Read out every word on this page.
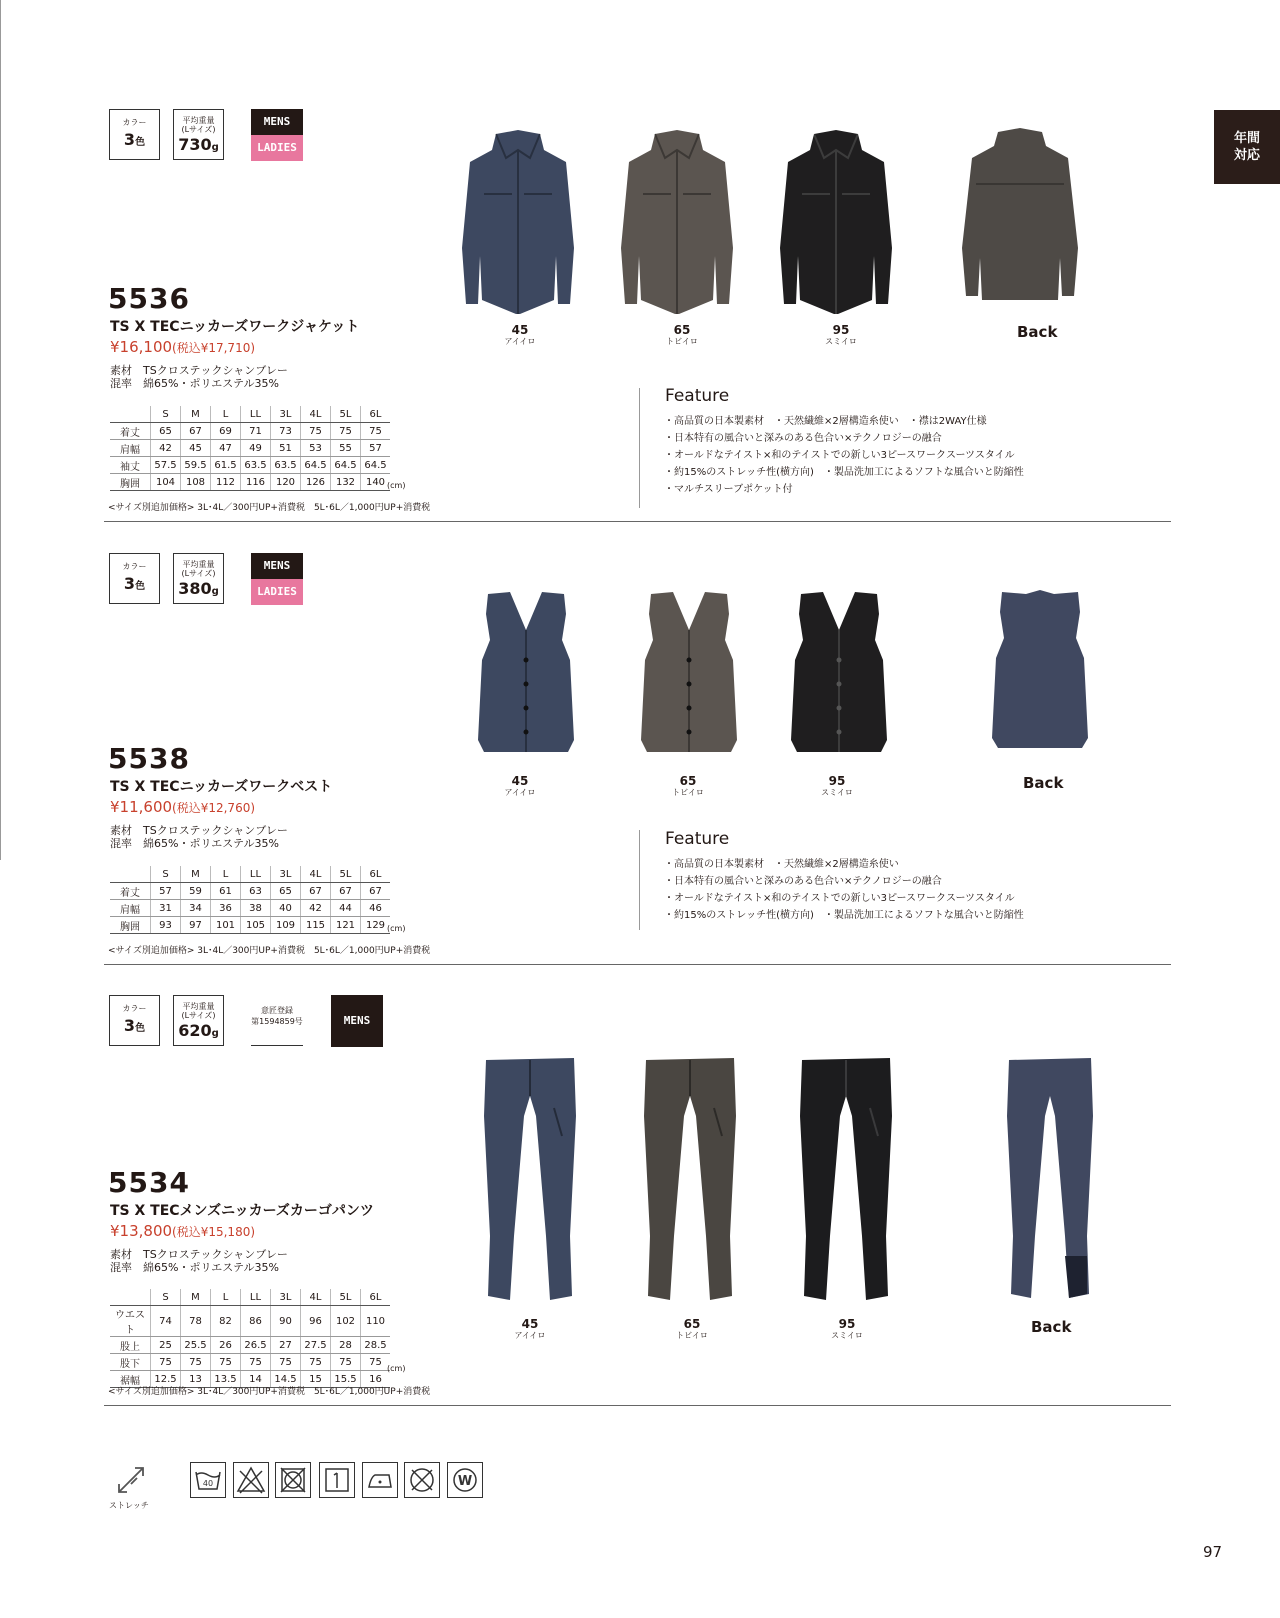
年間
対応
カラー
3色
平均重量
(Lサイズ)
730g
MENS
LADIES
5536
TS X TECニッカーズワークジャケット
¥16,100(税込¥17,710)
素材　TSクロステックシャンブレー
混率　綿65%・ポリエステル35%
	S	M	L	LL	3L	4L	5L	6L
着丈	65	67	69	71	73	75	75	75
肩幅	42	45	47	49	51	53	55	57
袖丈	57.5	59.5	61.5	63.5	63.5	64.5	64.5	64.5
胸囲	104	108	112	116	120	126	132	140 (cm)
<サイズ別追加価格> 3L･4L／300円UP+消費税　5L･6L／1,000円UP+消費税
45
アイイロ
65
トビイロ
95
スミイロ
Back
Feature
・高品質の日本製素材　・天然繊維×2層構造糸使い　・襟は2WAY仕様
・日本特有の風合いと深みのある色合い×テクノロジーの融合
・オールドなテイスト×和のテイストでの新しい3ピースワークスーツスタイル
・約15%のストレッチ性(横方向)　・製品洗加工によるソフトな風合いと防縮性
・マルチスリーブポケット付
カラー
3色
平均重量
(Lサイズ)
380g
MENS
LADIES
5538
TS X TECニッカーズワークベスト
¥11,600(税込¥12,760)
素材　TSクロステックシャンブレー
混率　綿65%・ポリエステル35%
	S	M	L	LL	3L	4L	5L	6L
着丈	57	59	61	63	65	67	67	67
肩幅	31	34	36	38	40	42	44	46
胸囲	93	97	101	105	109	115	121	129 (cm)
<サイズ別追加価格> 3L･4L／300円UP+消費税　5L･6L／1,000円UP+消費税
45
アイイロ
65
トビイロ
95
スミイロ
Back
Feature
・高品質の日本製素材　・天然繊維×2層構造糸使い
・日本特有の風合いと深みのある色合い×テクノロジーの融合
・オールドなテイスト×和のテイストでの新しい3ピースワークスーツスタイル
・約15%のストレッチ性(横方向)　・製品洗加工によるソフトな風合いと防縮性
カラー
3色
平均重量
(Lサイズ)
620g
意匠登録
第1594859号	MENS
5534
TS X TECメンズニッカーズカーゴパンツ
¥13,800(税込¥15,180)
素材　TSクロステックシャンブレー
混率　綿65%・ポリエステル35%
	S	M	L	LL	3L	4L	5L	6L
ウエスト	74	78	82	86	90	96	102	110
股上	25	25.5	26	26.5	27	27.5	28	28.5
股下	75	75	75	75	75	75	75	75
裾幅	12.5	13	13.5	14	14.5	15	15.5	16
(cm)
<サイズ別追加価格> 3L･4L／300円UP+消費税　5L･6L／1,000円UP+消費税
45
アイイロ
65
トビイロ
95
スミイロ	Back
ストレッチ
40	W
97
